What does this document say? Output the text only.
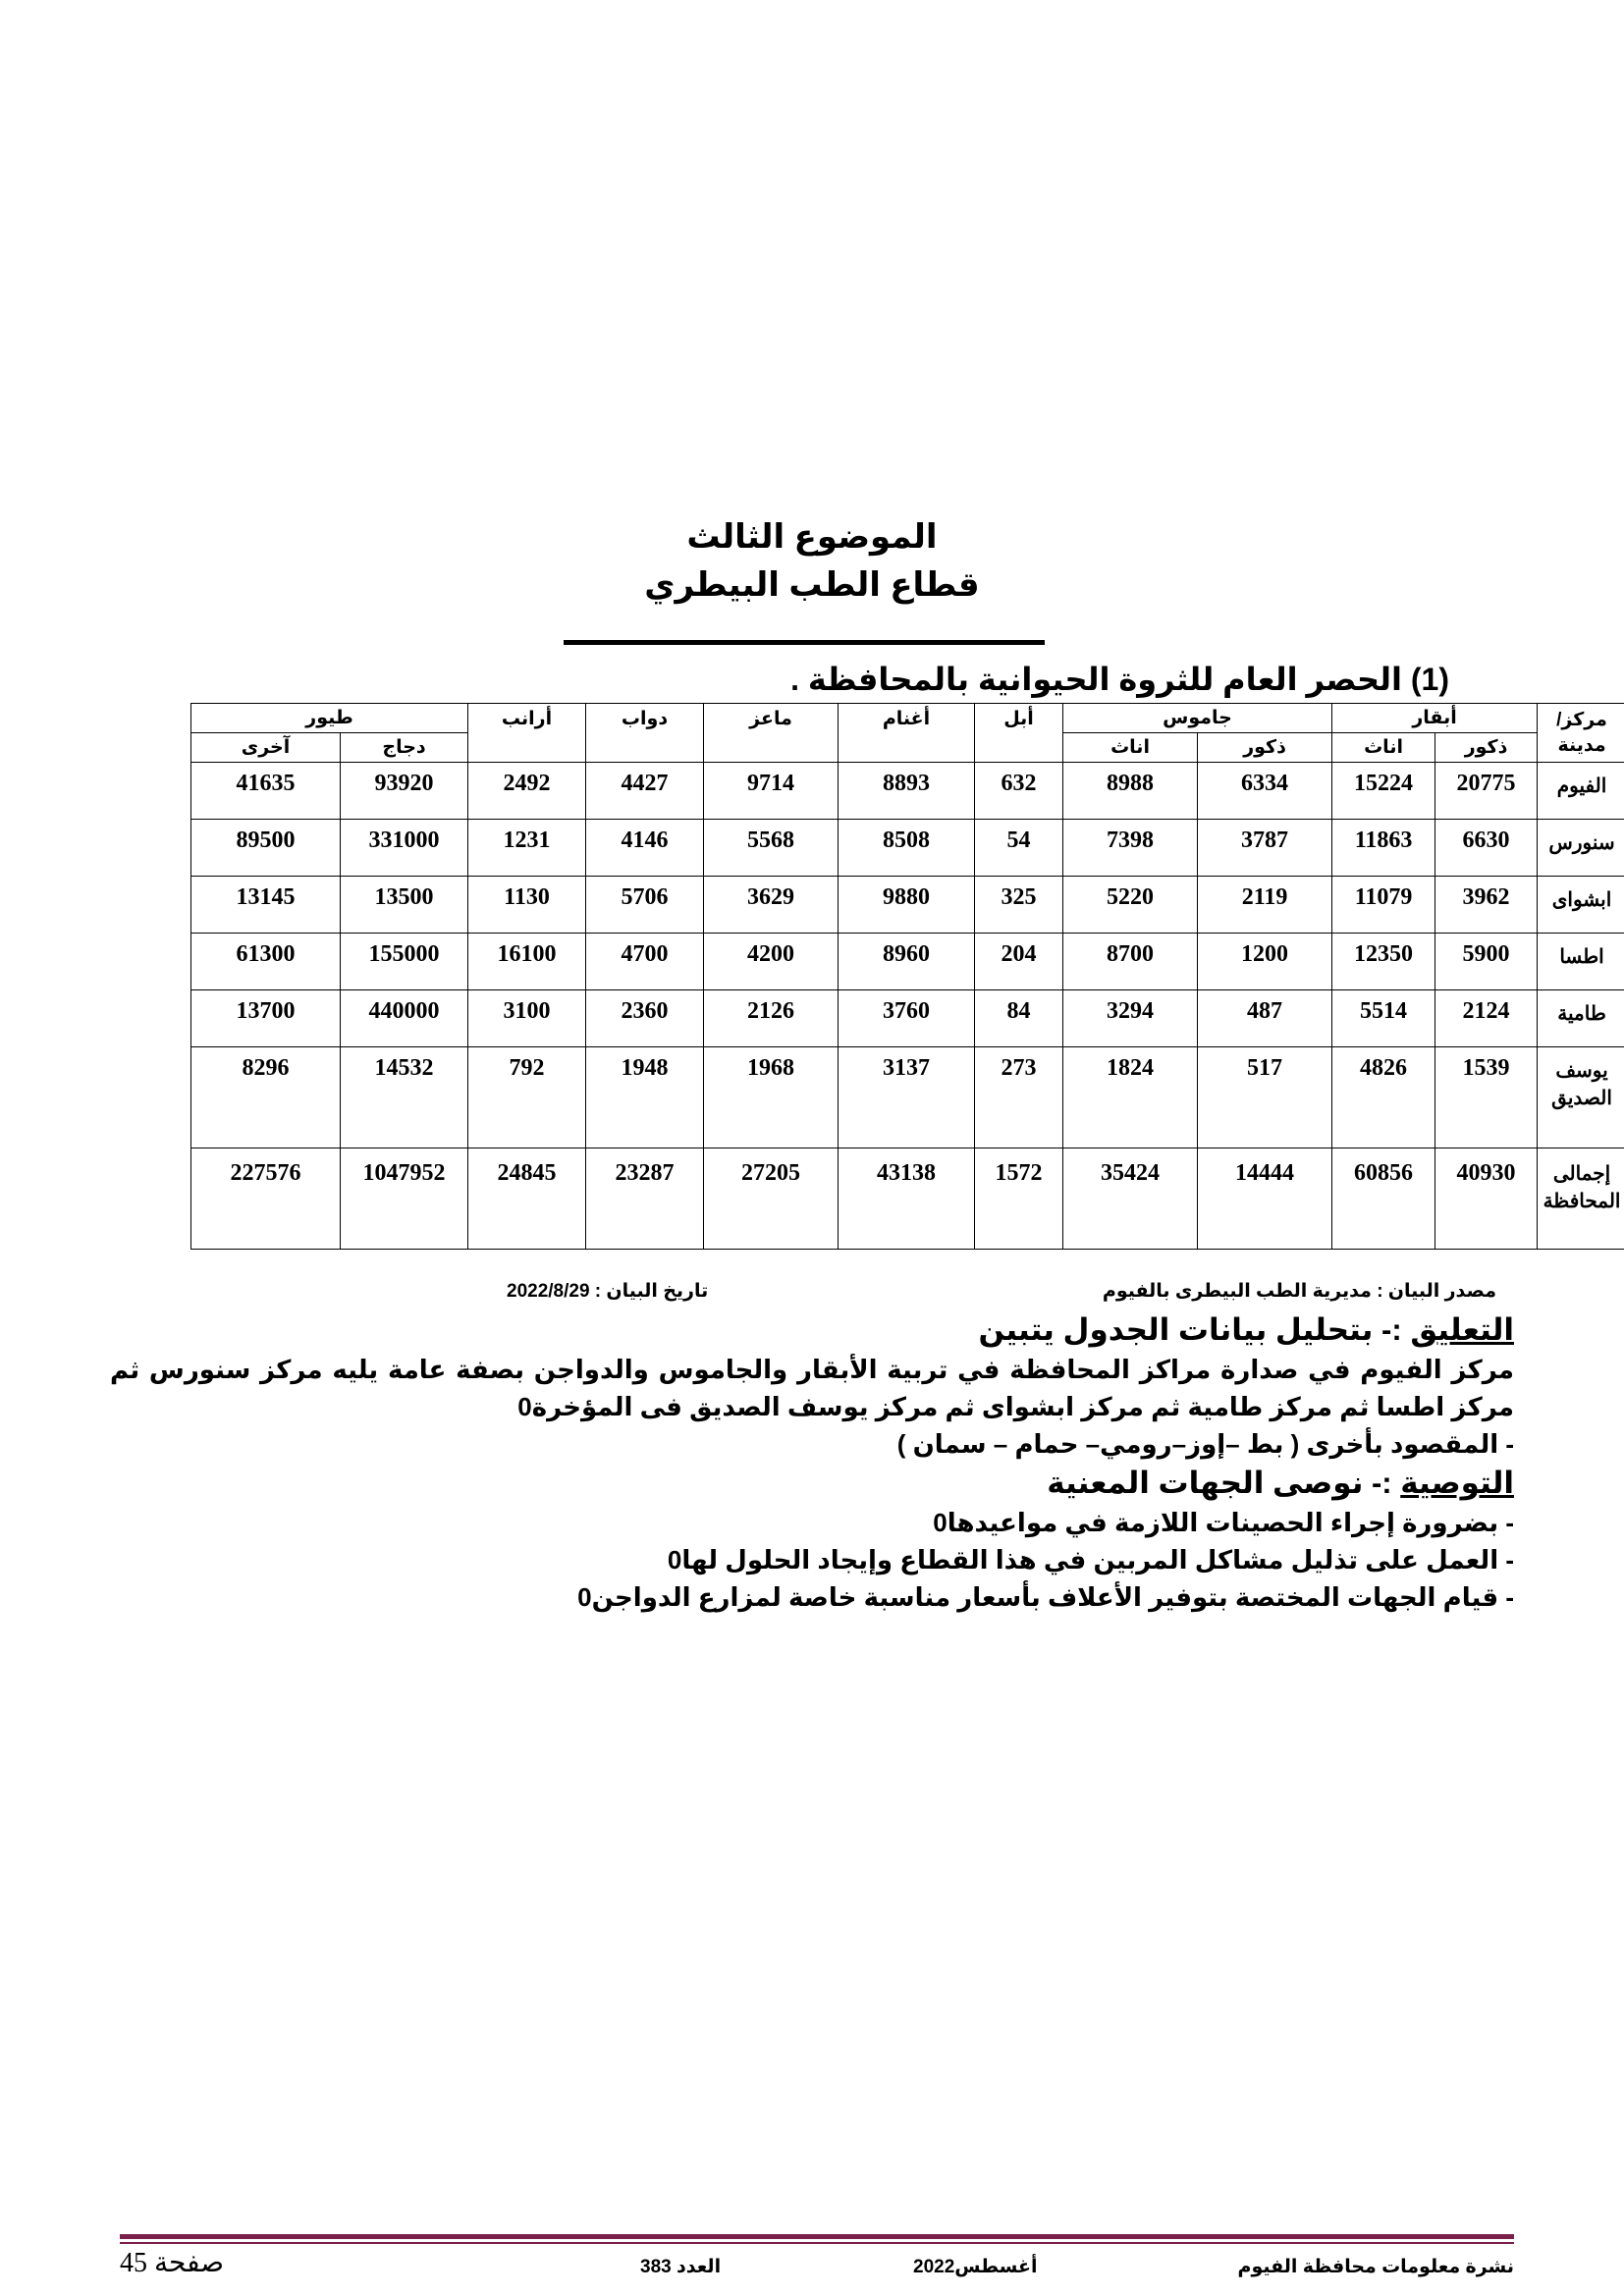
الموضوع الثالث
قطاع الطب البيطري
(1) الحصر العام للثروة الحيوانية بالمحافظة .
مركز/ مدينة	أبقار		جاموس		أبل	أغنام	ماعز	دواب	أرانب	طيور	
	ذكور	اناث	ذكور	اناث						دجاج	آخرى
الفيوم	20775	15224	6334	8988	632	8893	9714	4427	2492	93920	41635
سنورس	6630	11863	3787	7398	54	8508	5568	4146	1231	331000	89500
ابشواى	3962	11079	2119	5220	325	9880	3629	5706	1130	13500	13145
اطسا	5900	12350	1200	8700	204	8960	4200	4700	16100	155000	61300
طامية	2124	5514	487	3294	84	3760	2126	2360	3100	440000	13700
يوسف الصديق	1539	4826	517	1824	273	3137	1968	1948	792	14532	8296
إجمالى المحافظة	40930	60856	14444	35424	1572	43138	27205	23287	24845	1047952	227576
مصدر البيان : مديرية الطب البيطرى بالفيوم
تاريخ البيان : 2022/8/29
التعليق :- بتحليل بيانات الجدول يتبين
مركز الفيوم في صدارة مراكز المحافظة في تربية الأبقار والجاموس والدواجن بصفة عامة يليه مركز سنورس ثم مركز اطسا ثم مركز طامية ثم مركز ابشواى ثم مركز يوسف الصديق فى المؤخرة0
- المقصود بأخرى ( بط –إوز–رومي– حمام – سمان )
التوصية :- نوصى الجهات المعنية
- بضرورة إجراء الحصينات اللازمة في مواعيدها0
- العمل على تذليل مشاكل المربين في هذا القطاع وإيجاد الحلول لها0
- قيام الجهات المختصة بتوفير الأعلاف بأسعار مناسبة خاصة لمزارع الدواجن0
نشرة معلومات محافظة الفيوم
أغسطس2022
العدد 383
صفحة 45
